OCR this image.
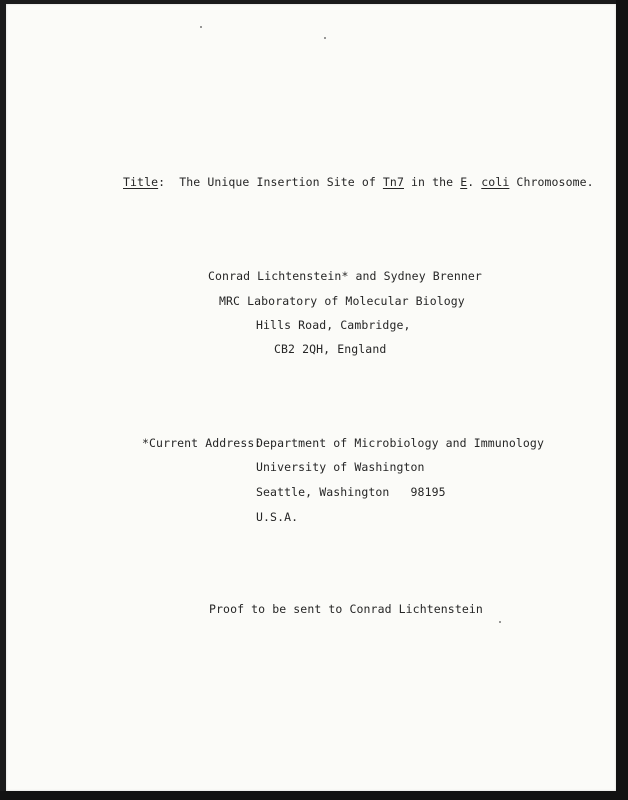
Title: The Unique Insertion Site of Tn7 in the E. coli Chromosome.
Conrad Lichtenstein* and Sydney Brenner
MRC Laboratory of Molecular Biology
Hills Road, Cambridge,
CB2 2QH, England
*Current Address:
Department of Microbiology and Immunology
University of Washington
Seattle, Washington   98195
U.S.A.
Proof to be sent to Conrad Lichtenstein
